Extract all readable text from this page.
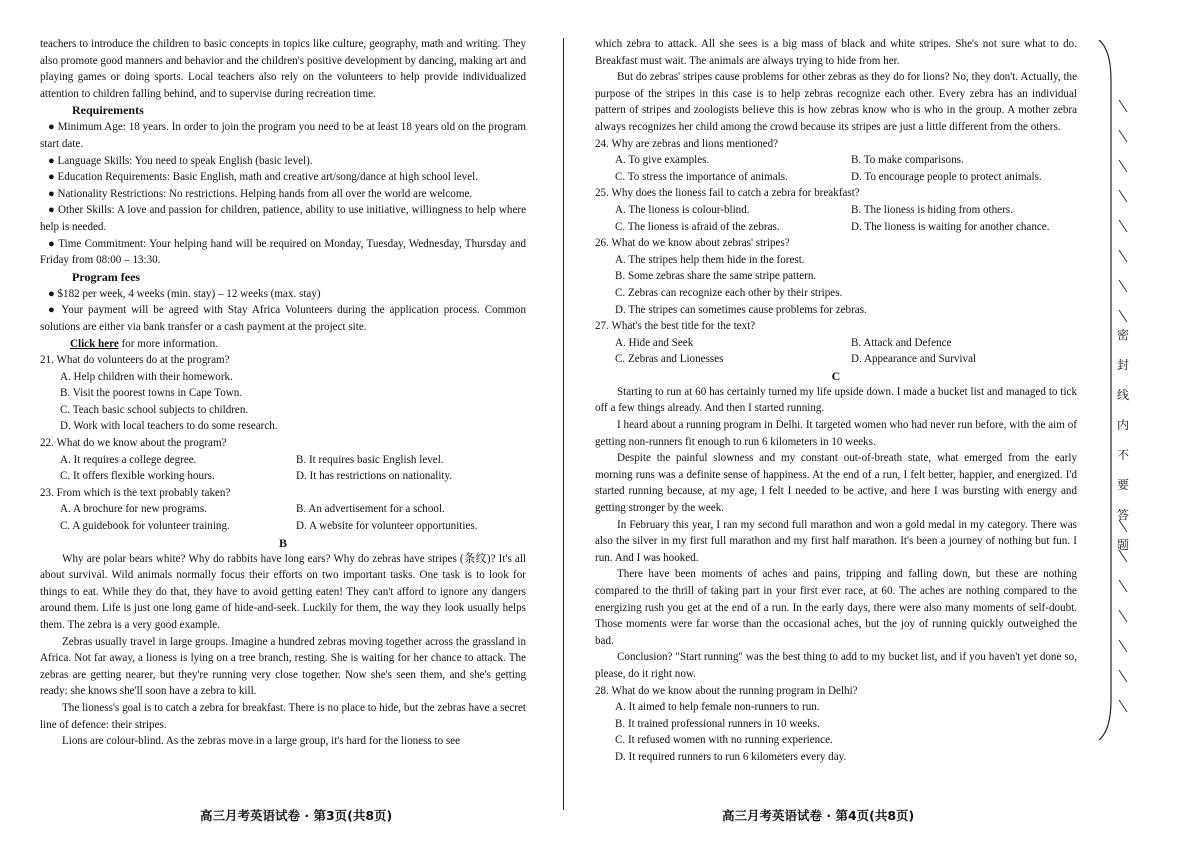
teachers to introduce the children to basic concepts in topics like culture, geography, math and writing. They also promote good manners and behavior and the children's positive development by dancing, making art and playing games or doing sports. Local teachers also rely on the volunteers to help provide individualized attention to children falling behind, and to supervise during recreation time.

Requirements

● Minimum Age: 18 years. In order to join the program you need to be at least 18 years old on the program start date.

● Language Skills: You need to speak English (basic level).

● Education Requirements: Basic English, math and creative art/song/dance at high school level.

● Nationality Restrictions: No restrictions. Helping hands from all over the world are welcome.

● Other Skills: A love and passion for children, patience, ability to use initiative, willingness to help where help is needed.

● Time Commitment: Your helping hand will be required on Monday, Tuesday, Wednesday, Thursday and Friday from 08:00 – 13:30.

Program fees

● $182 per week, 4 weeks (min. stay) – 12 weeks (max. stay)

● Your payment will be agreed with Stay Africa Volunteers during the application process. Common solutions are either via bank transfer or a cash payment at the project site.

Click here for more information.

21. What do volunteers do at the program?
A. Help children with their homework.
B. Visit the poorest towns in Cape Town.
C. Teach basic school subjects to children.
D. Work with local teachers to do some research.
22. What do we know about the program?
A. It requires a college degree.	B. It requires basic English level.
C. It offers flexible working hours.	D. It has restrictions on nationality.
23. From which is the text probably taken?
A. A brochure for new programs.	B. An advertisement for a school.
C. A guidebook for volunteer training.	D. A website for volunteer opportunities.
B

Why are polar bears white? Why do rabbits have long ears? Why do zebras have stripes (条纹)? It's all about survival. Wild animals normally focus their efforts on two important tasks. One task is to look for things to eat. While they do that, they have to avoid getting eaten! They can't afford to ignore any dangers around them. Life is just one long game of hide-and-seek. Luckily for them, the way they look usually helps them. The zebra is a very good example.

Zebras usually travel in large groups. Imagine a hundred zebras moving together across the grassland in Africa. Not far away, a lioness is lying on a tree branch, resting. She is waiting for her chance to attack. The zebras are getting nearer, but they're running very close together. Now she's seen them, and she's getting ready: she knows she'll soon have a zebra to kill.

The lioness's goal is to catch a zebra for breakfast. There is no place to hide, but the zebras have a secret line of defence: their stripes.

Lions are colour-blind. As the zebras move in a large group, it's hard for the lioness to see

which zebra to attack. All she sees is a big mass of black and white stripes. She's not sure what to do. Breakfast must wait. The animals are always trying to hide from her.

But do zebras' stripes cause problems for other zebras as they do for lions? No, they don't. Actually, the purpose of the stripes in this case is to help zebras recognize each other. Every zebra has an individual pattern of stripes and zoologists believe this is how zebras know who is who in the group. A mother zebra always recognizes her child among the crowd because its stripes are just a little different from the others.

24. Why are zebras and lions mentioned?
A. To give examples.	B. To make comparisons.
C. To stress the importance of animals.	D. To encourage people to protect animals.
25. Why does the lioness fail to catch a zebra for breakfast?
A. The lioness is colour-blind.	B. The lioness is hiding from others.
C. The lioness is afraid of the zebras.	D. The lioness is waiting for another chance.
26. What do we know about zebras' stripes?
A. The stripes help them hide in the forest.
B. Some zebras share the same stripe pattern.
C. Zebras can recognize each other by their stripes.
D. The stripes can sometimes cause problems for zebras.
27. What's the best title for the text?
A. Hide and Seek	B. Attack and Defence
C. Zebras and Lionesses	D. Appearance and Survival
C

Starting to run at 60 has certainly turned my life upside down. I made a bucket list and managed to tick off a few things already. And then I started running.

I heard about a running program in Delhi. It targeted women who had never run before, with the aim of getting non-runners fit enough to run 6 kilometers in 10 weeks.

Despite the painful slowness and my constant out-of-breath state, what emerged from the early morning runs was a definite sense of happiness. At the end of a run, I felt better, happier, and energized. I'd started running because, at my age, I felt I needed to be active, and here I was bursting with energy and getting stronger by the week.

In February this year, I ran my second full marathon and won a gold medal in my category. There was also the silver in my first full marathon and my first half marathon. It's been a journey of nothing but fun. I run. And I was hooked.

There have been moments of aches and pains, tripping and falling down, but these are nothing compared to the thrill of taking part in your first ever race, at 60. The aches are nothing compared to the energizing rush you get at the end of a run. In the early days, there were also many moments of self-doubt. Those moments were far worse than the occasional aches, but the joy of running quickly outweighed the bad.

Conclusion? "Start running" was the best thing to add to my bucket list, and if you haven't yet done so, please, do it right now.

28. What do we know about the running program in Delhi?
A. It aimed to help female non-runners to run.
B. It trained professional runners in 10 weeks.
C. It refused women with no running experience.
D. It required runners to run 6 kilometers every day.
高三月考英语试卷 · 第3页(共8页)	高三月考英语试卷 · 第4页(共8页)
密封线内不要答题
